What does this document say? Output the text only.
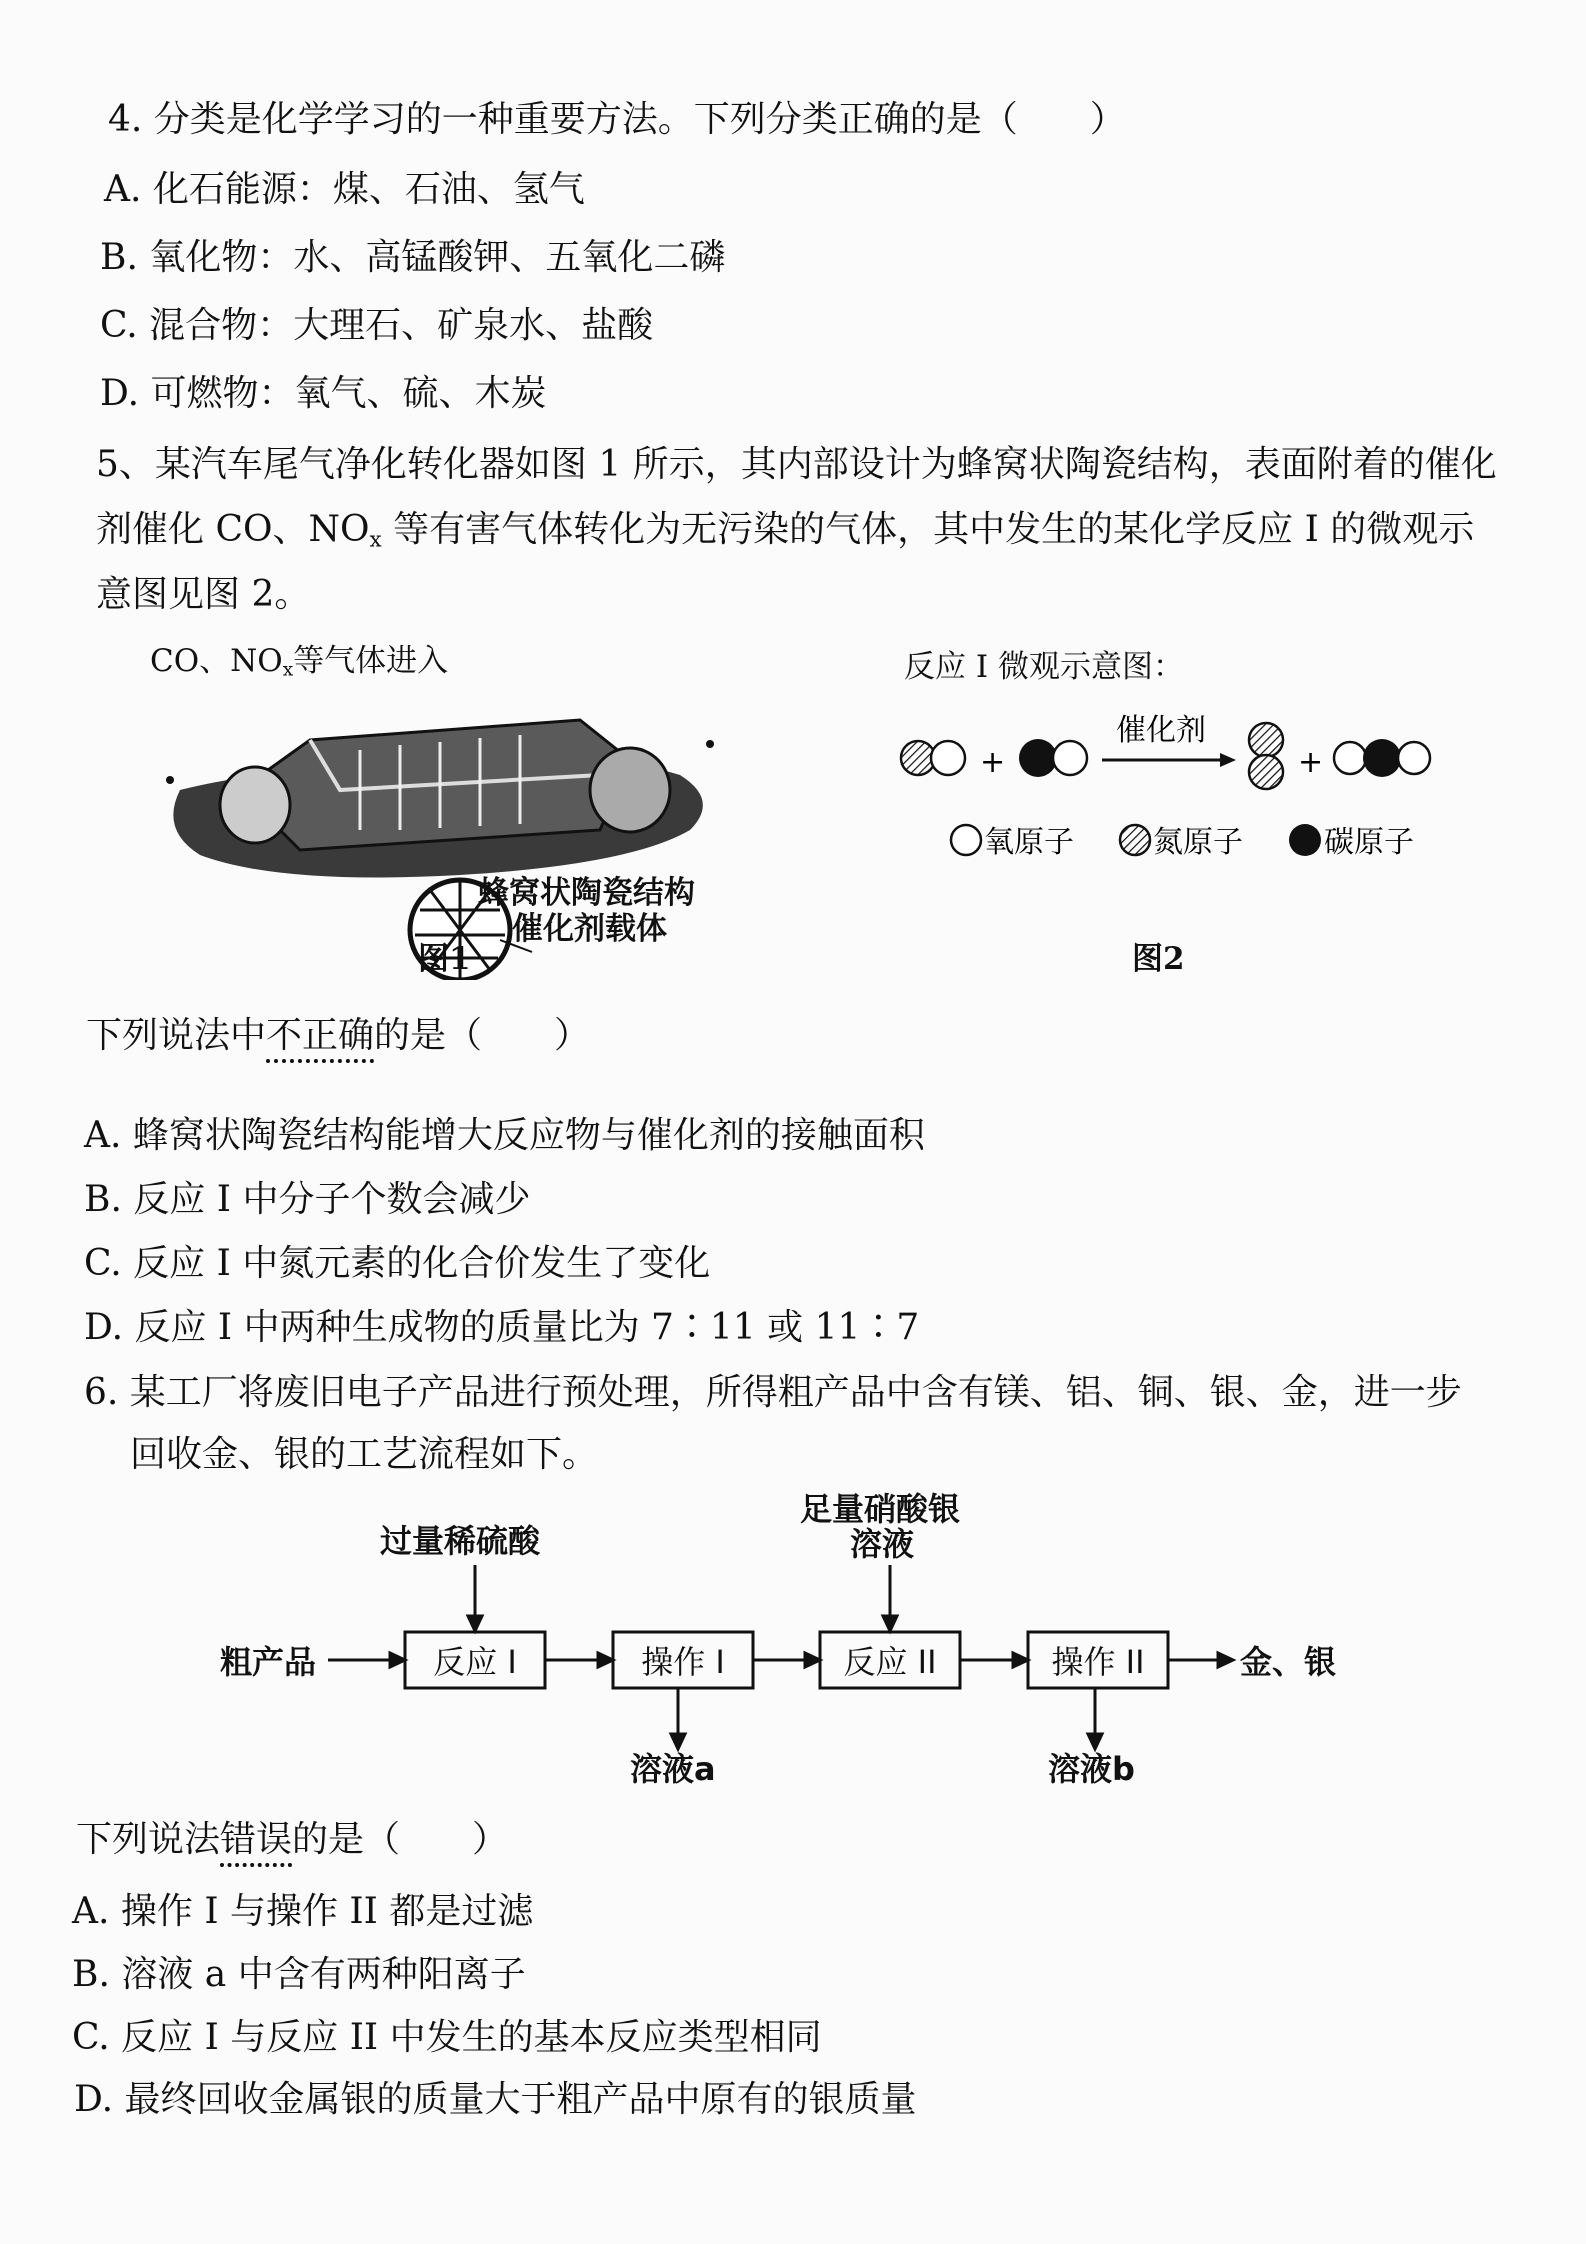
4. 分类是化学学习的一种重要方法。下列分类正确的是（　　）
A. 化石能源：煤、石油、氢气
B. 氧化物：水、高锰酸钾、五氧化二磷
C. 混合物：大理石、矿泉水、盐酸
D. 可燃物：氧气、硫、木炭
5、某汽车尾气净化转化器如图 1 所示，其内部设计为蜂窝状陶瓷结构，表面附着的催化
剂催化 CO、$NO_x$ 等有害气体转化为无污染的气体，其中发生的某化学反应 I 的微观示
意图见图 2。
CO、$NO_x$等气体进入
蜂窝状陶瓷结构
催化剂载体
图1
反应 I 微观示意图：
+
催化剂
+
氧原子	氮原子	碳原子
图2
下列说法中不正确的是（　　）
A. 蜂窝状陶瓷结构能增大反应物与催化剂的接触面积
B. 反应 I 中分子个数会减少
C. 反应 I 中氮元素的化合价发生了变化
D. 反应 I 中两种生成物的质量比为 7∶11 或 11∶7
6. 某工厂将废旧电子产品进行预处理，所得粗产品中含有镁、铝、铜、银、金，进一步
回收金、银的工艺流程如下。
过量稀硫酸
足量硝酸银
溶液
粗产品	金、银
溶液a	溶液b
反应 I	操作 I	反应 II	操作 II
下列说法错误的是（　　）
A. 操作 I 与操作 II 都是过滤
B. 溶液 a 中含有两种阳离子
C. 反应 I 与反应 II 中发生的基本反应类型相同
D. 最终回收金属银的质量大于粗产品中原有的银质量
